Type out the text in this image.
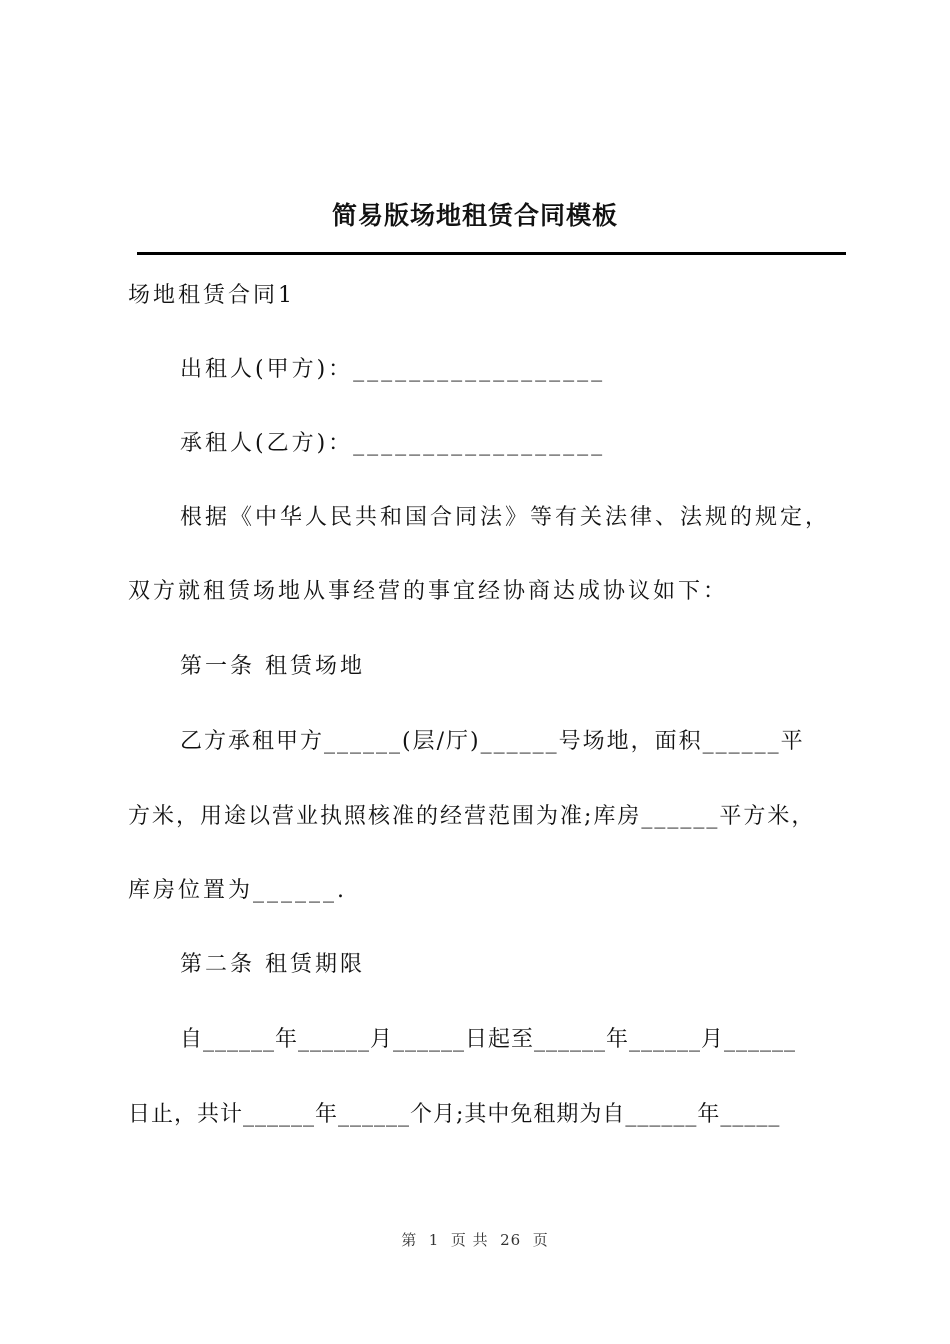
简易版场地租赁合同模板
场地租赁合同1
出租人(甲方)：__________________
承租人(乙方)：__________________
根据《中华人民共和国合同法》等有关法律、法规的规定，
双方就租赁场地从事经营的事宜经协商达成协议如下：
第一条 租赁场地
乙方承租甲方______(层/厅)______号场地，面积______平
方米，用途以营业执照核准的经营范围为准;库房______平方米，
库房位置为______.
第二条 租赁期限
自______年______月______日起至______年______月______
日止，共计______年______个月;其中免租期为自______年_____
第  1  页 共  26  页
